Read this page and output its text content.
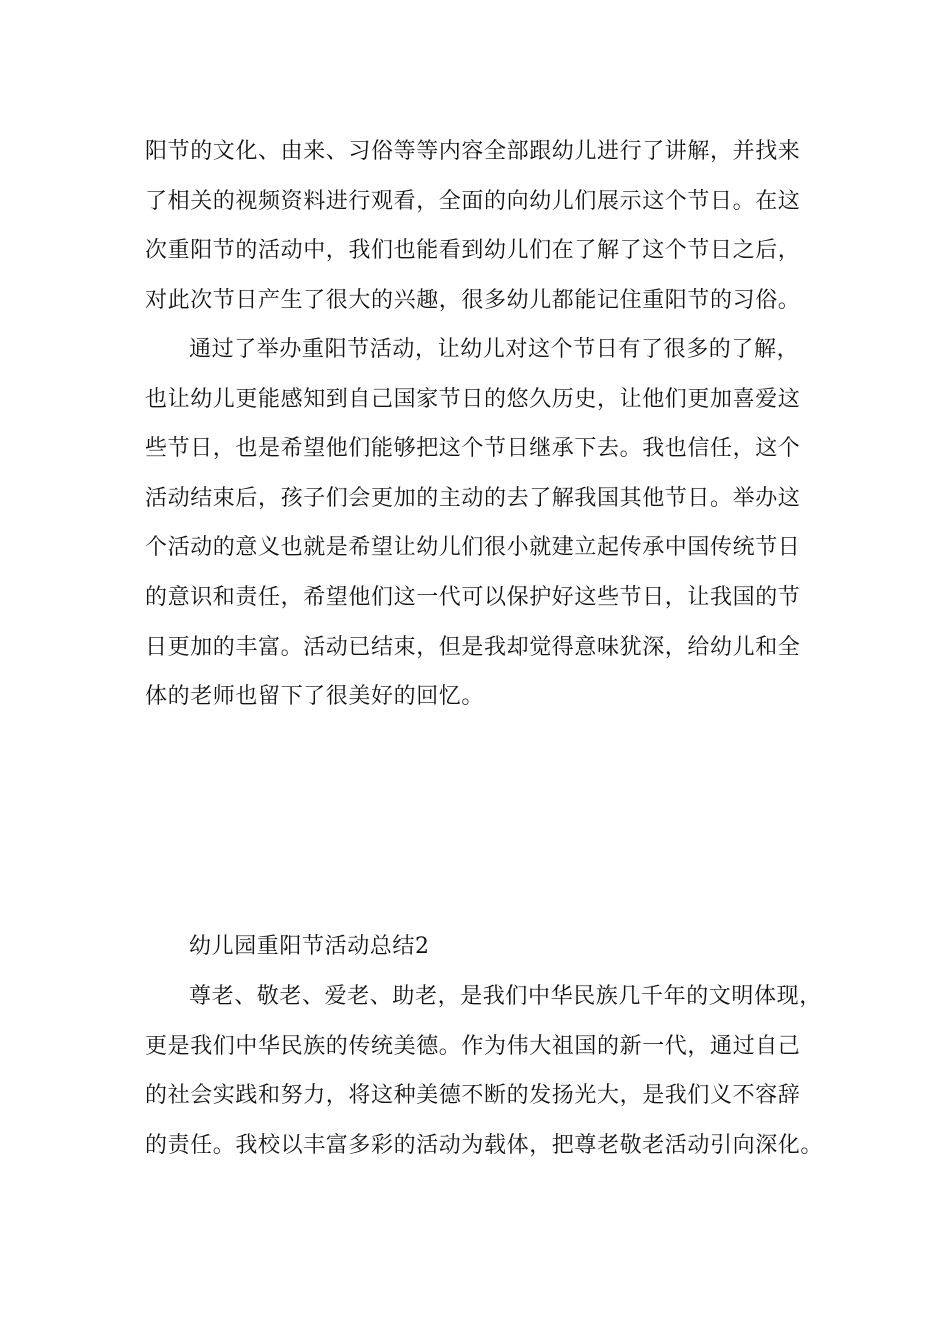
阳节的文化、由来、习俗等等内容全部跟幼儿进行了讲解，并找来
了相关的视频资料进行观看，全面的向幼儿们展示这个节日。在这
次重阳节的活动中，我们也能看到幼儿们在了解了这个节日之后，
对此次节日产生了很大的兴趣，很多幼儿都能记住重阳节的习俗。
通过了举办重阳节活动，让幼儿对这个节日有了很多的了解，
也让幼儿更能感知到自己国家节日的悠久历史，让他们更加喜爱这
些节日，也是希望他们能够把这个节日继承下去。我也信任，这个
活动结束后，孩子们会更加的主动的去了解我国其他节日。举办这
个活动的意义也就是希望让幼儿们很小就建立起传承中国传统节日
的意识和责任，希望他们这一代可以保护好这些节日，让我国的节
日更加的丰富。活动已结束，但是我却觉得意味犹深，给幼儿和全
体的老师也留下了很美好的回忆。
幼儿园重阳节活动总结2
尊老、敬老、爱老、助老，是我们中华民族几千年的文明体现，
更是我们中华民族的传统美德。作为伟大祖国的新一代，通过自己
的社会实践和努力，将这种美德不断的发扬光大，是我们义不容辞
的责任。我校以丰富多彩的活动为载体，把尊老敬老活动引向深化。
